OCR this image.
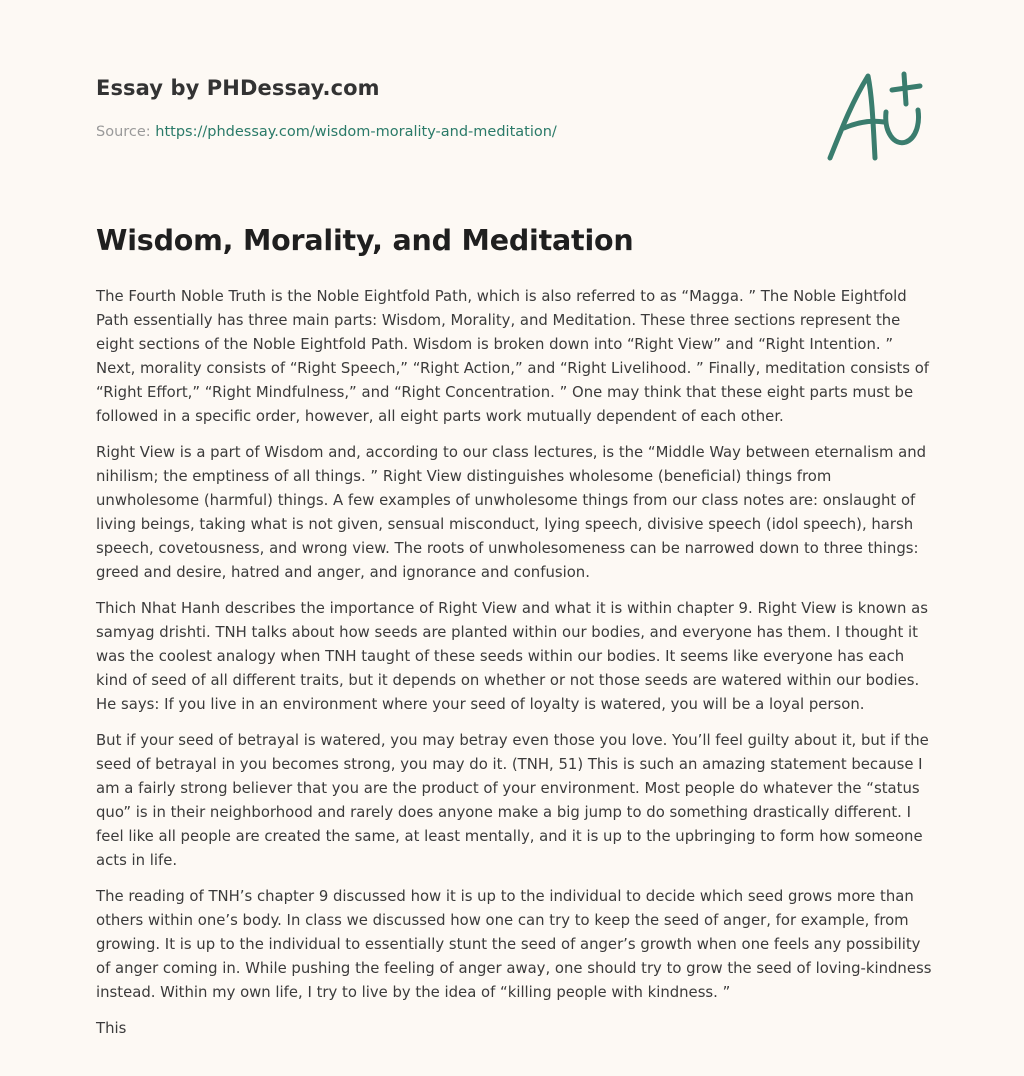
Essay by PHDessay.com
Source: https://phdessay.com/wisdom-morality-and-meditation/
Wisdom, Morality, and Meditation

The Fourth Noble Truth is the Noble Eightfold Path, which is also referred to as “Magga. ” The Noble Eightfold Path essentially has three main parts: Wisdom, Morality, and Meditation. These three sections represent the eight sections of the Noble Eightfold Path. Wisdom is broken down into “Right View” and “Right Intention. ” Next, morality consists of “Right Speech,” “Right Action,” and “Right Livelihood. ” Finally, meditation consists of “Right Effort,” “Right Mindfulness,” and “Right Concentration. ” One may think that these eight parts must be followed in a specific order, however, all eight parts work mutually dependent of each other.

Right View is a part of Wisdom and, according to our class lectures, is the “Middle Way between eternalism and nihilism; the emptiness of all things. ” Right View distinguishes wholesome (beneficial) things from unwholesome (harmful) things. A few examples of unwholesome things from our class notes are: onslaught of living beings, taking what is not given, sensual misconduct, lying speech, divisive speech (idol speech), harsh speech, covetousness, and wrong view. The roots of unwholesomeness can be narrowed down to three things: greed and desire, hatred and anger, and ignorance and confusion.

Thich Nhat Hanh describes the importance of Right View and what it is within chapter 9. Right View is known as samyag drishti. TNH talks about how seeds are planted within our bodies, and everyone has them. I thought it was the coolest analogy when TNH taught of these seeds within our bodies. It seems like everyone has each kind of seed of all different traits, but it depends on whether or not those seeds are watered within our bodies. He says: If you live in an environment where your seed of loyalty is watered, you will be a loyal person.

But if your seed of betrayal is watered, you may betray even those you love. You’ll feel guilty about it, but if the seed of betrayal in you becomes strong, you may do it. (TNH, 51) This is such an amazing statement because I am a fairly strong believer that you are the product of your environment. Most people do whatever the “status quo” is in their neighborhood and rarely does anyone make a big jump to do something drastically different. I feel like all people are created the same, at least mentally, and it is up to the upbringing to form how someone acts in life.

The reading of TNH’s chapter 9 discussed how it is up to the individual to decide which seed grows more than others within one’s body. In class we discussed how one can try to keep the seed of anger, for example, from growing. It is up to the individual to essentially stunt the seed of anger’s growth when one feels any possibility of anger coming in. While pushing the feeling of anger away, one should try to grow the seed of loving-kindness instead. Within my own life, I try to live by the idea of “killing people with kindness. ”

This
